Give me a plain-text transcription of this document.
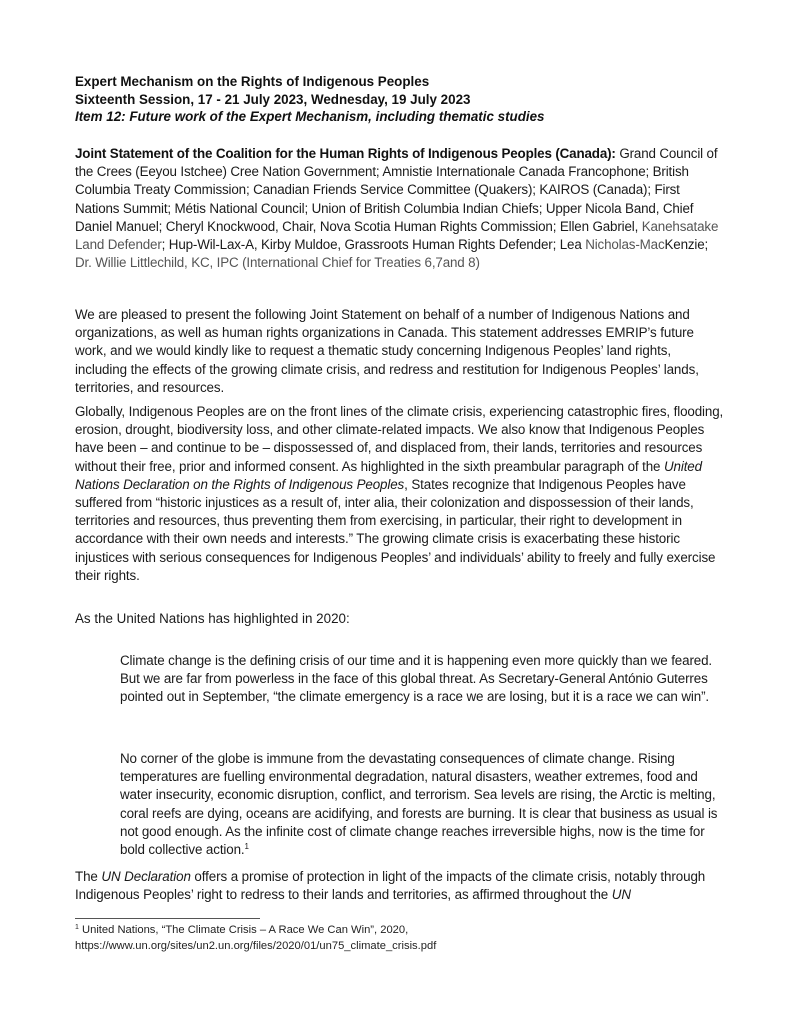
Expert Mechanism on the Rights of Indigenous Peoples
Sixteenth Session, 17 - 21 July 2023, Wednesday, 19 July 2023
Item 12: Future work of the Expert Mechanism, including thematic studies

Joint Statement of the Coalition for the Human Rights of Indigenous Peoples (Canada): Grand Council of the Crees (Eeyou Istchee) Cree Nation Government; Amnistie Internationale Canada Francophone; British Columbia Treaty Commission; Canadian Friends Service Committee (Quakers); KAIROS (Canada); First Nations Summit; Métis National Council; Union of British Columbia Indian Chiefs; Upper Nicola Band, Chief Daniel Manuel; Cheryl Knockwood, Chair, Nova Scotia Human Rights Commission; Ellen Gabriel, Kanehsatake Land Defender; Hup-Wil-Lax-A, Kirby Muldoe, Grassroots Human Rights Defender; Lea Nicholas-MacKenzie; Dr. Willie Littlechild, KC, IPC (International Chief for Treaties 6,7and 8)

We are pleased to present the following Joint Statement on behalf of a number of Indigenous Nations and organizations, as well as human rights organizations in Canada. This statement addresses EMRIP’s future work, and we would kindly like to request a thematic study concerning Indigenous Peoples’ land rights, including the effects of the growing climate crisis, and redress and restitution for Indigenous Peoples’ lands, territories, and resources.

Globally, Indigenous Peoples are on the front lines of the climate crisis, experiencing catastrophic fires, flooding, erosion, drought, biodiversity loss, and other climate-related impacts. We also know that Indigenous Peoples have been – and continue to be – dispossessed of, and displaced from, their lands, territories and resources without their free, prior and informed consent. As highlighted in the sixth preambular paragraph of the United Nations Declaration on the Rights of Indigenous Peoples, States recognize that Indigenous Peoples have suffered from “historic injustices as a result of, inter alia, their colonization and dispossession of their lands, territories and resources, thus preventing them from exercising, in particular, their right to development in accordance with their own needs and interests.” The growing climate crisis is exacerbating these historic injustices with serious consequences for Indigenous Peoples’ and individuals’ ability to freely and fully exercise their rights.

As the United Nations has highlighted in 2020:

Climate change is the defining crisis of our time and it is happening even more quickly than we feared. But we are far from powerless in the face of this global threat. As Secretary-General António Guterres pointed out in September, “the climate emergency is a race we are losing, but it is a race we can win”.

No corner of the globe is immune from the devastating consequences of climate change. Rising temperatures are fuelling environmental degradation, natural disasters, weather extremes, food and water insecurity, economic disruption, conflict, and terrorism. Sea levels are rising, the Arctic is melting, coral reefs are dying, oceans are acidifying, and forests are burning. It is clear that business as usual is not good enough. As the infinite cost of climate change reaches irreversible highs, now is the time for bold collective action.$^1$

The UN Declaration offers a promise of protection in light of the impacts of the climate crisis, notably through Indigenous Peoples’ right to redress to their lands and territories, as affirmed throughout the UN

$^1$ United Nations, “The Climate Crisis – A Race We Can Win”, 2020,
https://www.un.org/sites/un2.un.org/files/2020/01/un75_climate_crisis.pdf
